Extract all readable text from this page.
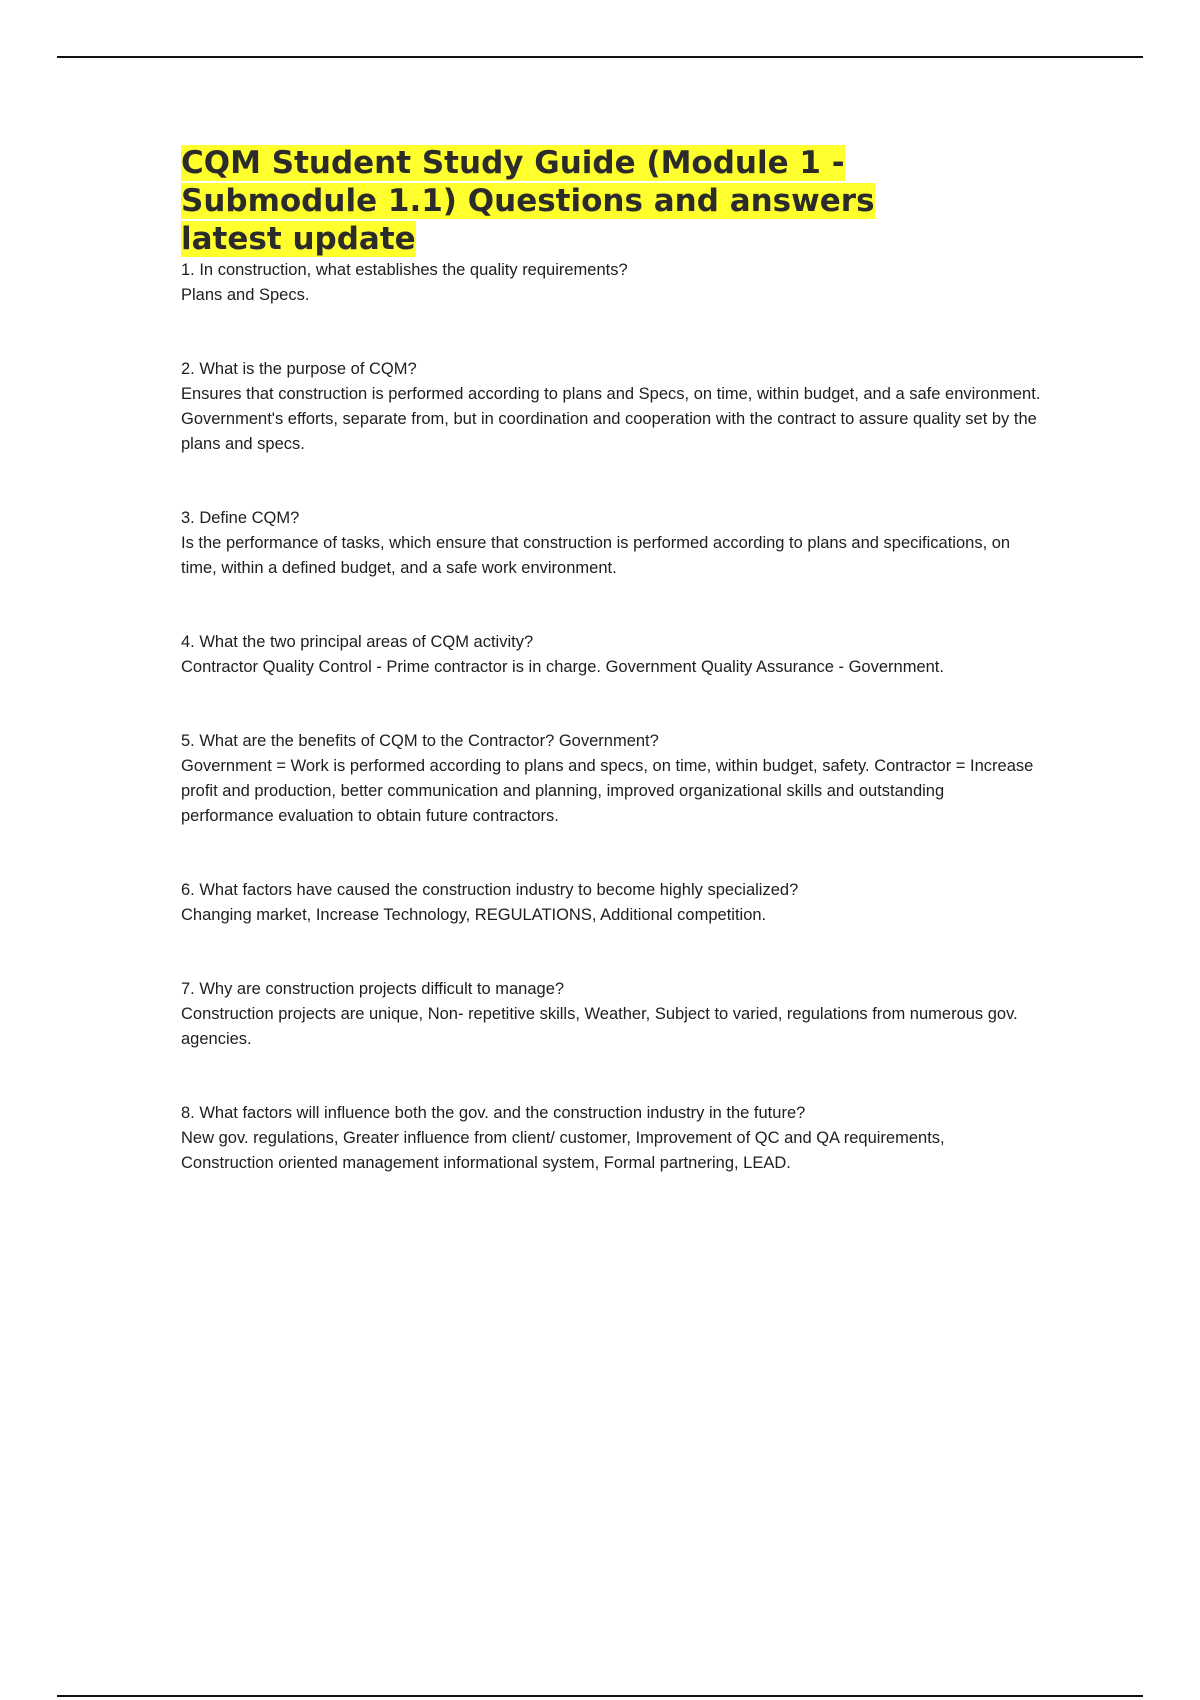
CQM Student Study Guide (Module 1 - Submodule 1.1) Questions and answers latest update
1. In construction, what establishes the quality requirements?
Plans and Specs.
2. What is the purpose of CQM?
Ensures that construction is performed according to plans and Specs, on time, within budget, and a safe environment. Government's efforts, separate from, but in coordination and cooperation with the contract to assure quality set by the plans and specs.
3. Define CQM?
Is the performance of tasks, which ensure that construction is performed according to plans and specifications, on time, within a defined budget, and a safe work environment.
4. What the two principal areas of CQM activity?
Contractor Quality Control - Prime contractor is in charge. Government Quality Assurance - Government.
5. What are the benefits of CQM to the Contractor? Government?
Government = Work is performed according to plans and specs, on time, within budget, safety. Contractor = Increase profit and production, better communication and planning, improved organizational skills and outstanding performance evaluation to obtain future contractors.
6. What factors have caused the construction industry to become highly specialized?
Changing market, Increase Technology, REGULATIONS, Additional competition.
7. Why are construction projects difficult to manage?
Construction projects are unique, Non- repetitive skills, Weather, Subject to varied, regulations from numerous gov. agencies.
8. What factors will influence both the gov. and the construction industry in the future?
New gov. regulations, Greater influence from client/ customer, Improvement of QC and QA requirements, Construction oriented management informational system, Formal partnering, LEAD.
